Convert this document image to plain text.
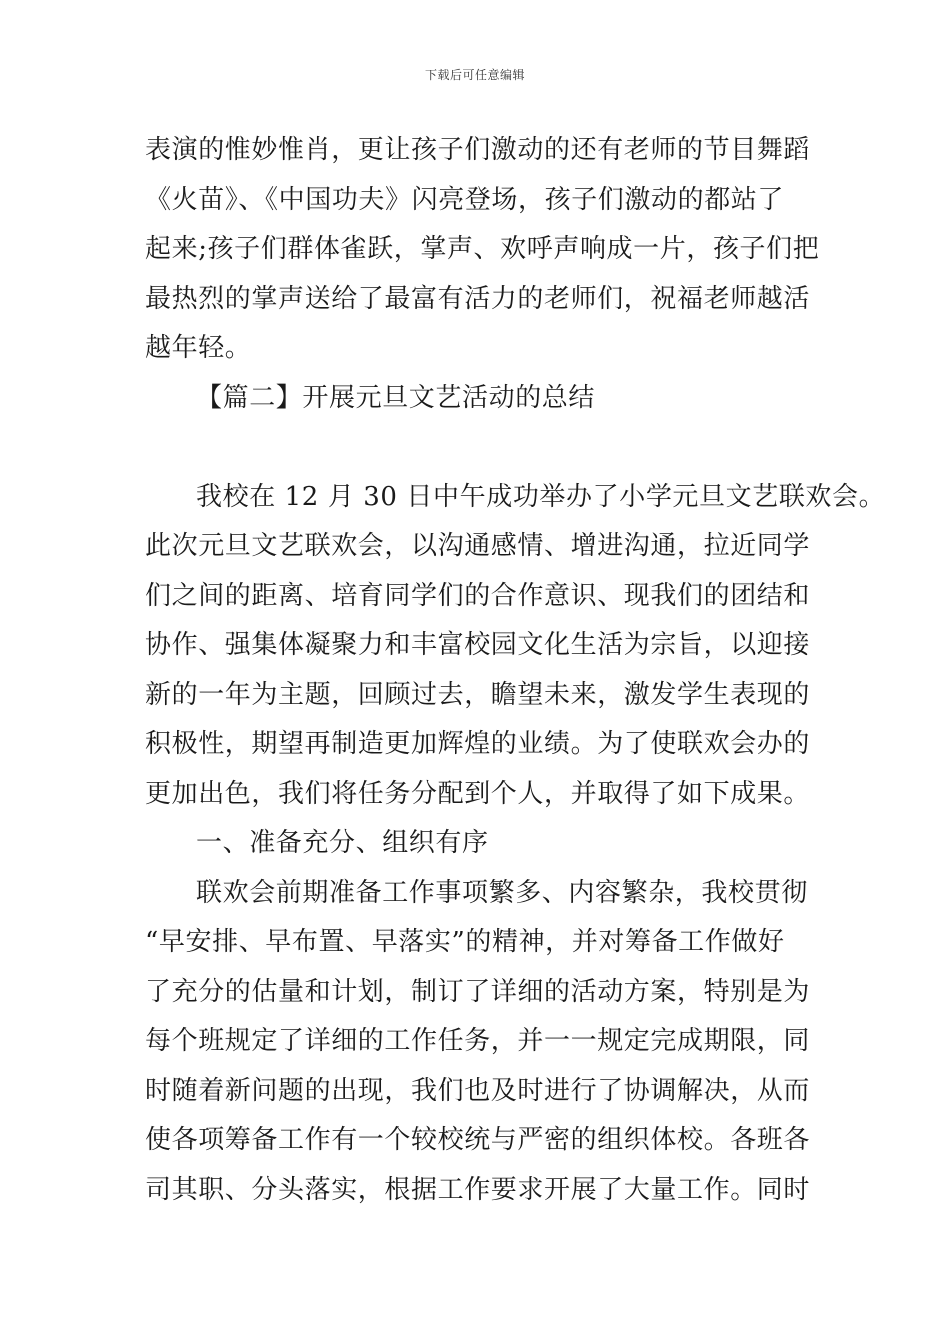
下载后可任意编辑
表演的惟妙惟肖，更让孩子们激动的还有老师的节目舞蹈
《火苗》、《中国功夫》闪亮登场，孩子们激动的都站了
起来;孩子们群体雀跃，掌声、欢呼声响成一片，孩子们把
最热烈的掌声送给了最富有活力的老师们，祝福老师越活
越年轻。
【篇二】开展元旦文艺活动的总结
我校在 12 月 30 日中午成功举办了小学元旦文艺联欢会。
此次元旦文艺联欢会，以沟通感情、增进沟通，拉近同学
们之间的距离、培育同学们的合作意识、现我们的团结和
协作、强集体凝聚力和丰富校园文化生活为宗旨，以迎接
新的一年为主题，回顾过去，瞻望未来，激发学生表现的
积极性，期望再制造更加辉煌的业绩。为了使联欢会办的
更加出色，我们将任务分配到个人，并取得了如下成果。
一、准备充分、组织有序
联欢会前期准备工作事项繁多、内容繁杂，我校贯彻
“早安排、早布置、早落实”的精神，并对筹备工作做好
了充分的估量和计划，制订了详细的活动方案，特别是为
每个班规定了详细的工作任务，并一一规定完成期限，同
时随着新问题的出现，我们也及时进行了协调解决，从而
使各项筹备工作有一个较校统与严密的组织体校。各班各
司其职、分头落实，根据工作要求开展了大量工作。同时
